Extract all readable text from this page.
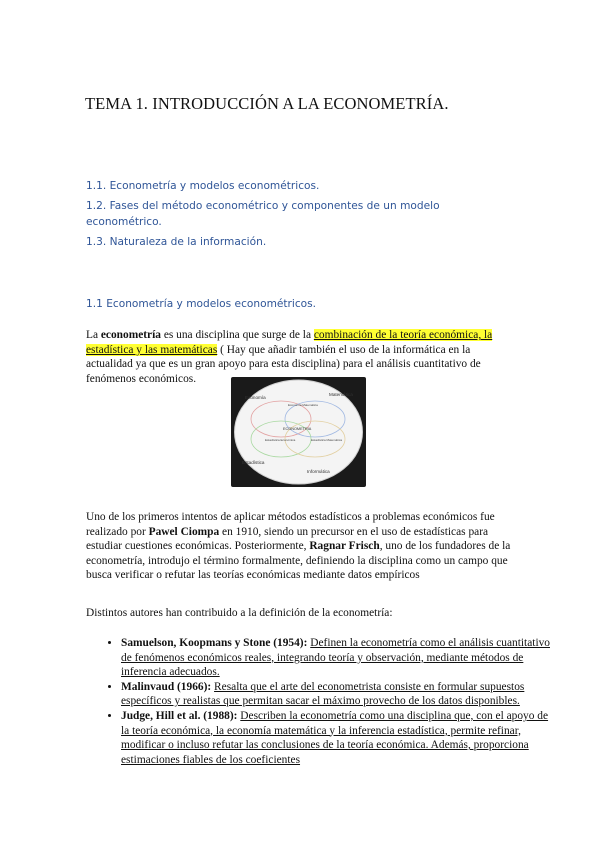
TEMA 1. INTRODUCCIÓN A LA ECONOMETRÍA.
1.1. Econometría y modelos econométricos.
1.2. Fases del método econométrico y componentes de un modelo econométrico.
1.3. Naturaleza de la información.
1.1 Econometría y modelos econométricos.
La econometría es una disciplina que surge de la combinación de la teoría económica, la estadística y las matemáticas ( Hay que añadir también el uso de la informática en la actualidad ya que es un gran apoyo para esta disciplina) para el análisis cuantitativo de fenómenos económicos.
Economía
Matemática
Estadística
Informática
ECONOMETRIA
Economía Matemática
Estadística Económica	Estadística Matemática
Uno de los primeros intentos de aplicar métodos estadísticos a problemas económicos fue realizado por Pawel Ciompa en 1910, siendo un precursor en el uso de estadísticas para estudiar cuestiones económicas. Posteriormente, Ragnar Frisch, uno de los fundadores de la econometría, introdujo el término formalmente, definiendo la disciplina como un campo que busca verificar o refutar las teorías económicas mediante datos empíricos
Distintos autores han contribuido a la definición de la econometría:
• Samuelson, Koopmans y Stone (1954): Definen la econometría como el análisis cuantitativo de fenómenos económicos reales, integrando teoría y observación, mediante métodos de inferencia adecuados.
• Malinvaud (1966): Resalta que el arte del econometrista consiste en formular supuestos específicos y realistas que permitan sacar el máximo provecho de los datos disponibles.
• Judge, Hill et al. (1988): Describen la econometría como una disciplina que, con el apoyo de la teoría económica, la economía matemática y la inferencia estadística, permite refinar, modificar o incluso refutar las conclusiones de la teoría económica. Además, proporciona estimaciones fiables de los coeficientes
